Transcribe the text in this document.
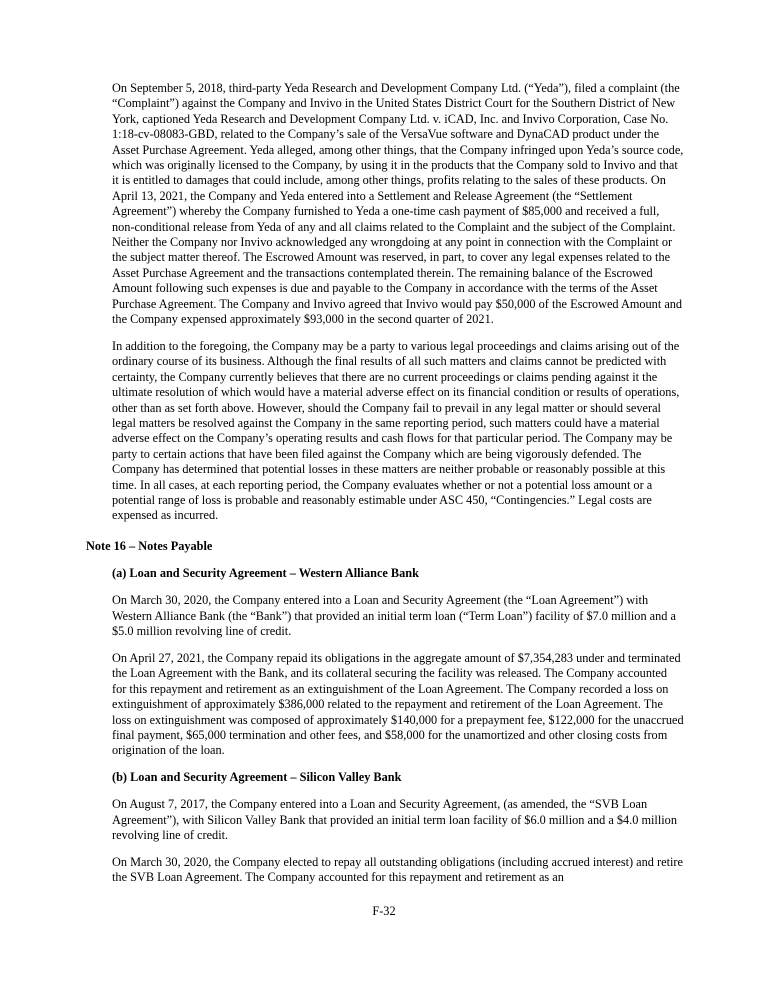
On September 5, 2018, third-party Yeda Research and Development Company Ltd. (“Yeda”), filed a complaint (the “Complaint”) against the Company and Invivo in the United States District Court for the Southern District of New York, captioned Yeda Research and Development Company Ltd. v. iCAD, Inc. and Invivo Corporation, Case No. 1:18-cv-08083-GBD, related to the Company’s sale of the VersaVue software and DynaCAD product under the Asset Purchase Agreement. Yeda alleged, among other things, that the Company infringed upon Yeda’s source code, which was originally licensed to the Company, by using it in the products that the Company sold to Invivo and that it is entitled to damages that could include, among other things, profits relating to the sales of these products. On April 13, 2021, the Company and Yeda entered into a Settlement and Release Agreement (the “Settlement Agreement”) whereby the Company furnished to Yeda a one-time cash payment of $85,000 and received a full, non-conditional release from Yeda of any and all claims related to the Complaint and the subject of the Complaint. Neither the Company nor Invivo acknowledged any wrongdoing at any point in connection with the Complaint or the subject matter thereof. The Escrowed Amount was reserved, in part, to cover any legal expenses related to the Asset Purchase Agreement and the transactions contemplated therein. The remaining balance of the Escrowed Amount following such expenses is due and payable to the Company in accordance with the terms of the Asset Purchase Agreement. The Company and Invivo agreed that Invivo would pay $50,000 of the Escrowed Amount and the Company expensed approximately $93,000 in the second quarter of 2021.

In addition to the foregoing, the Company may be a party to various legal proceedings and claims arising out of the ordinary course of its business. Although the final results of all such matters and claims cannot be predicted with certainty, the Company currently believes that there are no current proceedings or claims pending against it the ultimate resolution of which would have a material adverse effect on its financial condition or results of operations, other than as set forth above. However, should the Company fail to prevail in any legal matter or should several legal matters be resolved against the Company in the same reporting period, such matters could have a material adverse effect on the Company’s operating results and cash flows for that particular period. The Company may be party to certain actions that have been filed against the Company which are being vigorously defended. The Company has determined that potential losses in these matters are neither probable or reasonably possible at this time. In all cases, at each reporting period, the Company evaluates whether or not a potential loss amount or a potential range of loss is probable and reasonably estimable under ASC 450, “Contingencies.” Legal costs are expensed as incurred.

Note 16 – Notes Payable
(a) Loan and Security Agreement – Western Alliance Bank

On March 30, 2020, the Company entered into a Loan and Security Agreement (the “Loan Agreement”) with Western Alliance Bank (the “Bank”) that provided an initial term loan (“Term Loan”) facility of $7.0 million and a $5.0 million revolving line of credit.

On April 27, 2021, the Company repaid its obligations in the aggregate amount of $7,354,283 under and terminated the Loan Agreement with the Bank, and its collateral securing the facility was released. The Company accounted for this repayment and retirement as an extinguishment of the Loan Agreement. The Company recorded a loss on extinguishment of approximately $386,000 related to the repayment and retirement of the Loan Agreement. The loss on extinguishment was composed of approximately $140,000 for a prepayment fee, $122,000 for the unaccrued final payment, $65,000 termination and other fees, and $58,000 for the unamortized and other closing costs from origination of the loan.

(b) Loan and Security Agreement – Silicon Valley Bank

On August 7, 2017, the Company entered into a Loan and Security Agreement, (as amended, the “SVB Loan Agreement”), with Silicon Valley Bank that provided an initial term loan facility of $6.0 million and a $4.0 million revolving line of credit.

On March 30, 2020, the Company elected to repay all outstanding obligations (including accrued interest) and retire the SVB Loan Agreement. The Company accounted for this repayment and retirement as an

F-32
